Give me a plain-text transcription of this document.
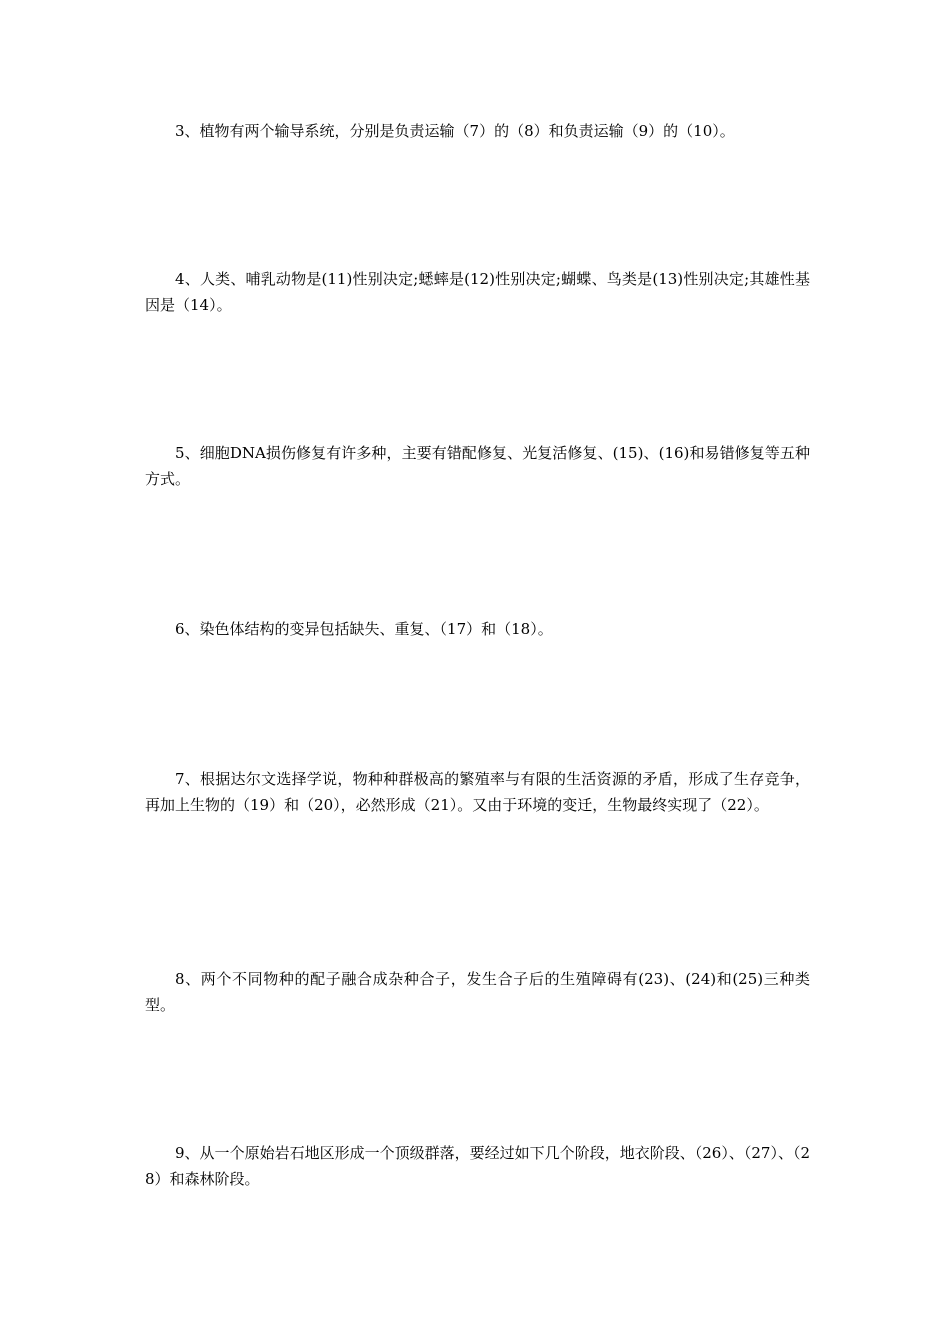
3、植物有两个输导系统，分别是负责运输（7）的（8）和负责运输（9）的（10）。

4、人类、哺乳动物是(11)性别决定;蟋蟀是(12)性别决定;蝴蝶、鸟类是(13)性别决定;其雄性基因是（14）。

5、细胞DNA损伤修复有许多种，主要有错配修复、光复活修复、(15)、(16)和易错修复等五种方式。

6、染色体结构的变异包括缺失、重复、（17）和（18）。

7、根据达尔文选择学说，物种种群极高的繁殖率与有限的生活资源的矛盾，形成了生存竞争，再加上生物的（19）和（20），必然形成（21）。又由于环境的变迁，生物最终实现了（22）。

8、两个不同物种的配子融合成杂种合子，发生合子后的生殖障碍有(23)、(24)和(25)三种类型。

9、从一个原始岩石地区形成一个顶级群落，要经过如下几个阶段，地衣阶段、（26）、（27）、（28）和森林阶段。
